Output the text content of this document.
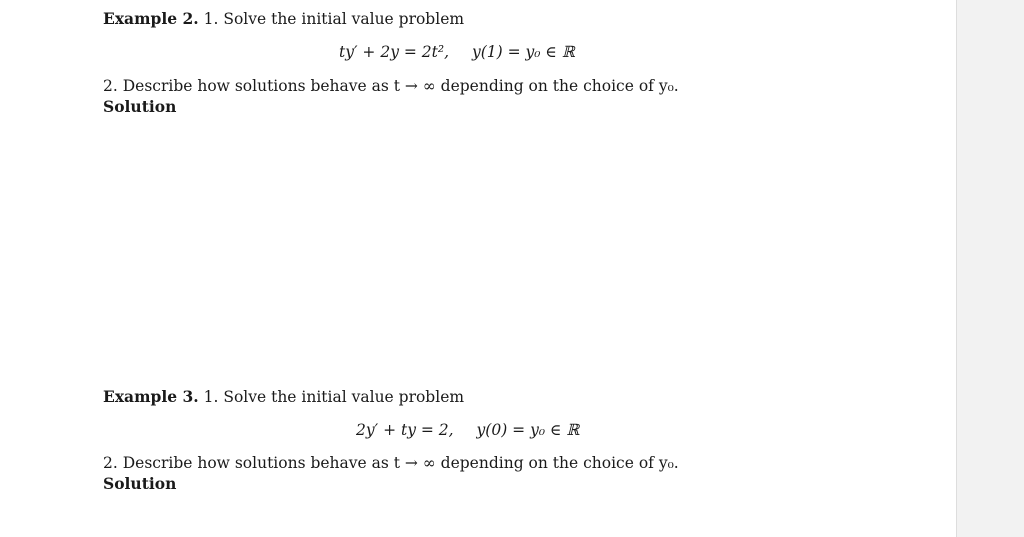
Example 2. 1. Solve the initial value problem
ty′ + 2y = 2t², y(1) = y₀ ∈ ℝ
2. Describe how solutions behave as t → ∞ depending on the choice of y₀.
Solution
Example 3. 1. Solve the initial value problem
2y′ + ty = 2, y(0) = y₀ ∈ ℝ
2. Describe how solutions behave as t → ∞ depending on the choice of y₀.
Solution
